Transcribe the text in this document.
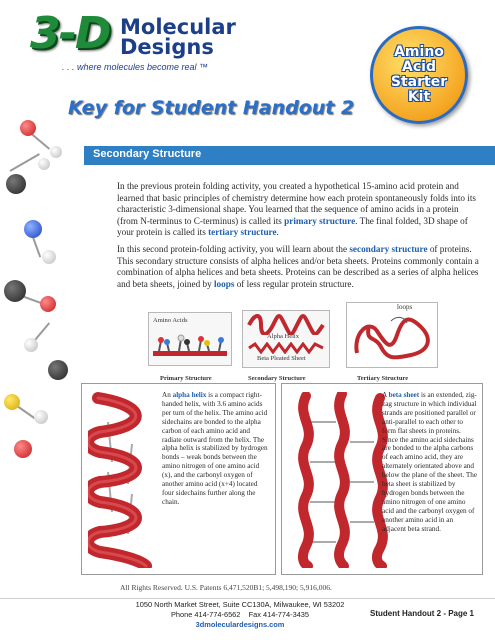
3-D Molecular
Designs
. . . where molecules become real ™
Amino
Acid
Starter
Kit
Key for Student Handout 2
Secondary Structure
In the previous protein folding activity, you created a hypothetical 15-amino acid protein and learned that basic principles of chemistry determine how each protein spontaneously folds into its characteristic 3-dimensional shape. You learned that the sequence of amino acids in a protein (from N-terminus to C-terminus) is called its primary structure. The final folded, 3D shape of your protein is called its tertiary structure.
In this second protein-folding activity, you will learn about the secondary structure of proteins. This secondary structure consists of alpha helices and/or beta sheets. Proteins commonly contain a combination of alpha helices and beta sheets. Proteins can be described as a series of alpha helices and beta sheets, joined by loops of less regular protein structure.
Amino Acids
Alpha Helix
Beta Pleated Sheet
loops
Primary Structure	Secondary Structure	Tertiary Structure
An alpha helix is a compact right-handed helix, with 3.6 amino acids per turn of the helix. The amino acid sidechains are bonded to the alpha carbon of each amino acid and radiate outward from the helix. The alpha helix is stabilized by hydrogen bonds – weak bonds between the amino nitrogen of one amino acid (x), and the carbonyl oxygen of another amino acid (x+4) located four sidechains further along the chain.
A beta sheet is an extended, zig-zag structure in which individual strands are positioned parallel or anti-parallel to each other to form flat sheets in proteins. Since the amino acid sidechains are bonded to the alpha carbons of each amino acid, they are alternately orientated above and below the plane of the sheet. The beta sheet is stabilized by hydrogen bonds between the amino nitrogen of one amino acid and the carbonyl oxygen of another amino acid in an adjacent beta strand.
All Rights Reserved. U.S. Patents 6,471,520B1; 5,498,190; 5,916,006.
1050 North Market Street, Suite CC130A, Milwaukee, WI 53202
Phone 414-774-6562 Fax 414-774-3435
3dmoleculardesigns.com
Student Handout 2 - Page 1
